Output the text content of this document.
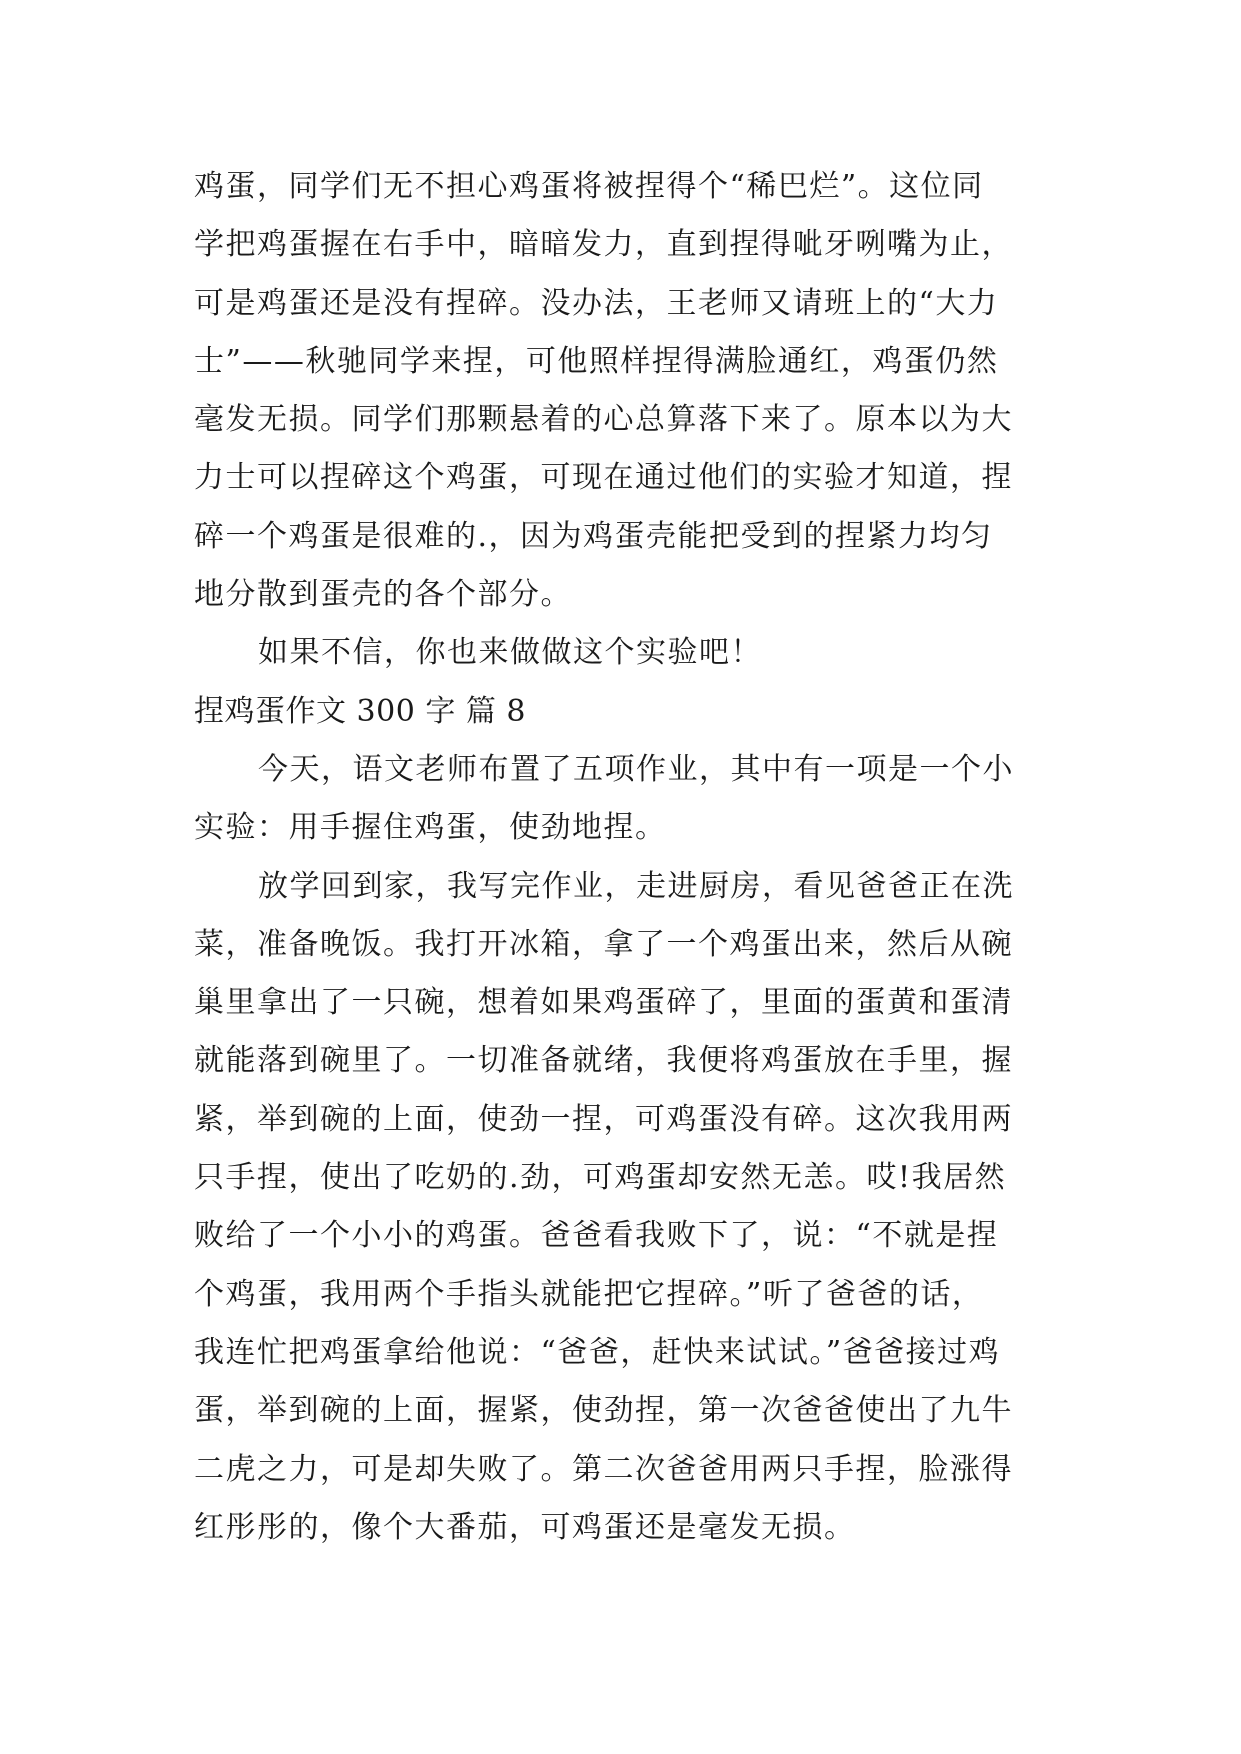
鸡蛋，同学们无不担心鸡蛋将被捏得个“稀巴烂”。这位同
学把鸡蛋握在右手中，暗暗发力，直到捏得呲牙咧嘴为止，
可是鸡蛋还是没有捏碎。没办法，王老师又请班上的“大力
士”——秋驰同学来捏，可他照样捏得满脸通红，鸡蛋仍然
毫发无损。同学们那颗悬着的心总算落下来了。原本以为大
力士可以捏碎这个鸡蛋，可现在通过他们的实验才知道，捏
碎一个鸡蛋是很难的.，因为鸡蛋壳能把受到的捏紧力均匀
地分散到蛋壳的各个部分。
如果不信，你也来做做这个实验吧！
捏鸡蛋作文 300 字 篇 8
今天，语文老师布置了五项作业，其中有一项是一个小
实验：用手握住鸡蛋，使劲地捏。
放学回到家，我写完作业，走进厨房，看见爸爸正在洗
菜，准备晚饭。我打开冰箱，拿了一个鸡蛋出来，然后从碗
巢里拿出了一只碗，想着如果鸡蛋碎了，里面的蛋黄和蛋清
就能落到碗里了。一切准备就绪，我便将鸡蛋放在手里，握
紧，举到碗的上面，使劲一捏，可鸡蛋没有碎。这次我用两
只手捏，使出了吃奶的.劲，可鸡蛋却安然无恙。哎!我居然
败给了一个小小的鸡蛋。爸爸看我败下了，说：“不就是捏
个鸡蛋，我用两个手指头就能把它捏碎。”听了爸爸的话，
我连忙把鸡蛋拿给他说：“爸爸，赶快来试试。”爸爸接过鸡
蛋，举到碗的上面，握紧，使劲捏，第一次爸爸使出了九牛
二虎之力，可是却失败了。第二次爸爸用两只手捏，脸涨得
红彤彤的，像个大番茄，可鸡蛋还是毫发无损。
